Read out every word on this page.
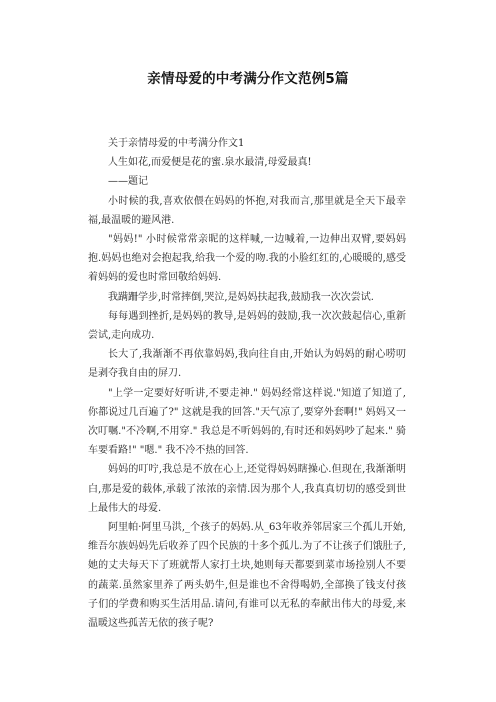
亲情母爱的中考满分作文范例5篇

关于亲情母爱的中考满分作文1

人生如花,而爱便是花的蜜.泉水最清,母爱最真!

——题记

小时候的我,喜欢依偎在妈妈的怀抱,对我而言,那里就是全天下最幸福,最温暖的避风港.

"妈妈!" 小时候常常亲昵的这样喊,一边喊着,一边伸出双臂,要妈妈抱.妈妈也绝对会抱起我,给我一个爱的吻.我的小脸红红的,心暖暖的,感受着妈妈的爱也时常回敬给妈妈.

我蹒跚学步,时常摔倒,哭泣,是妈妈扶起我,鼓励我一次次尝试.

每每遇到挫折,是妈妈的教导,是妈妈的鼓励,我一次次鼓起信心,重新尝试,走向成功.

长大了,我渐渐不再依靠妈妈,我向往自由,开始认为妈妈的耐心唠叨是剥夺我自由的屏刀.

"上学一定要好好听讲,不要走神." 妈妈经常这样说."知道了知道了,你都说过几百遍了?" 这就是我的回答."天气凉了,要穿外套啊!" 妈妈又一次叮嘱."不冷啊,不用穿." 我总是不听妈妈的,有时还和妈妈吵了起来." 骑车要看路!" "嗯." 我不冷不热的回答.

妈妈的叮咛,我总是不放在心上,还觉得妈妈瞎操心.但现在,我渐渐明白,那是爱的载体,承载了浓浓的亲情.因为那个人,我真真切切的感受到世上最伟大的母爱.

阿里帕·阿里马洪,_个孩子的妈妈.从_63年收养邻居家三个孤儿开始,维吾尔族妈妈先后收养了四个民族的十多个孤儿.为了不让孩子们饿肚子,她的丈夫每天下了班就帮人家打土块,她则每天都要到菜市场捡别人不要的蔬菜.虽然家里养了两头奶牛,但是谁也不舍得喝奶,全部换了钱支付孩子们的学费和购买生活用品.请问,有谁可以无私的奉献出伟大的母爱,来温暖这些孤苦无依的孩子呢?
